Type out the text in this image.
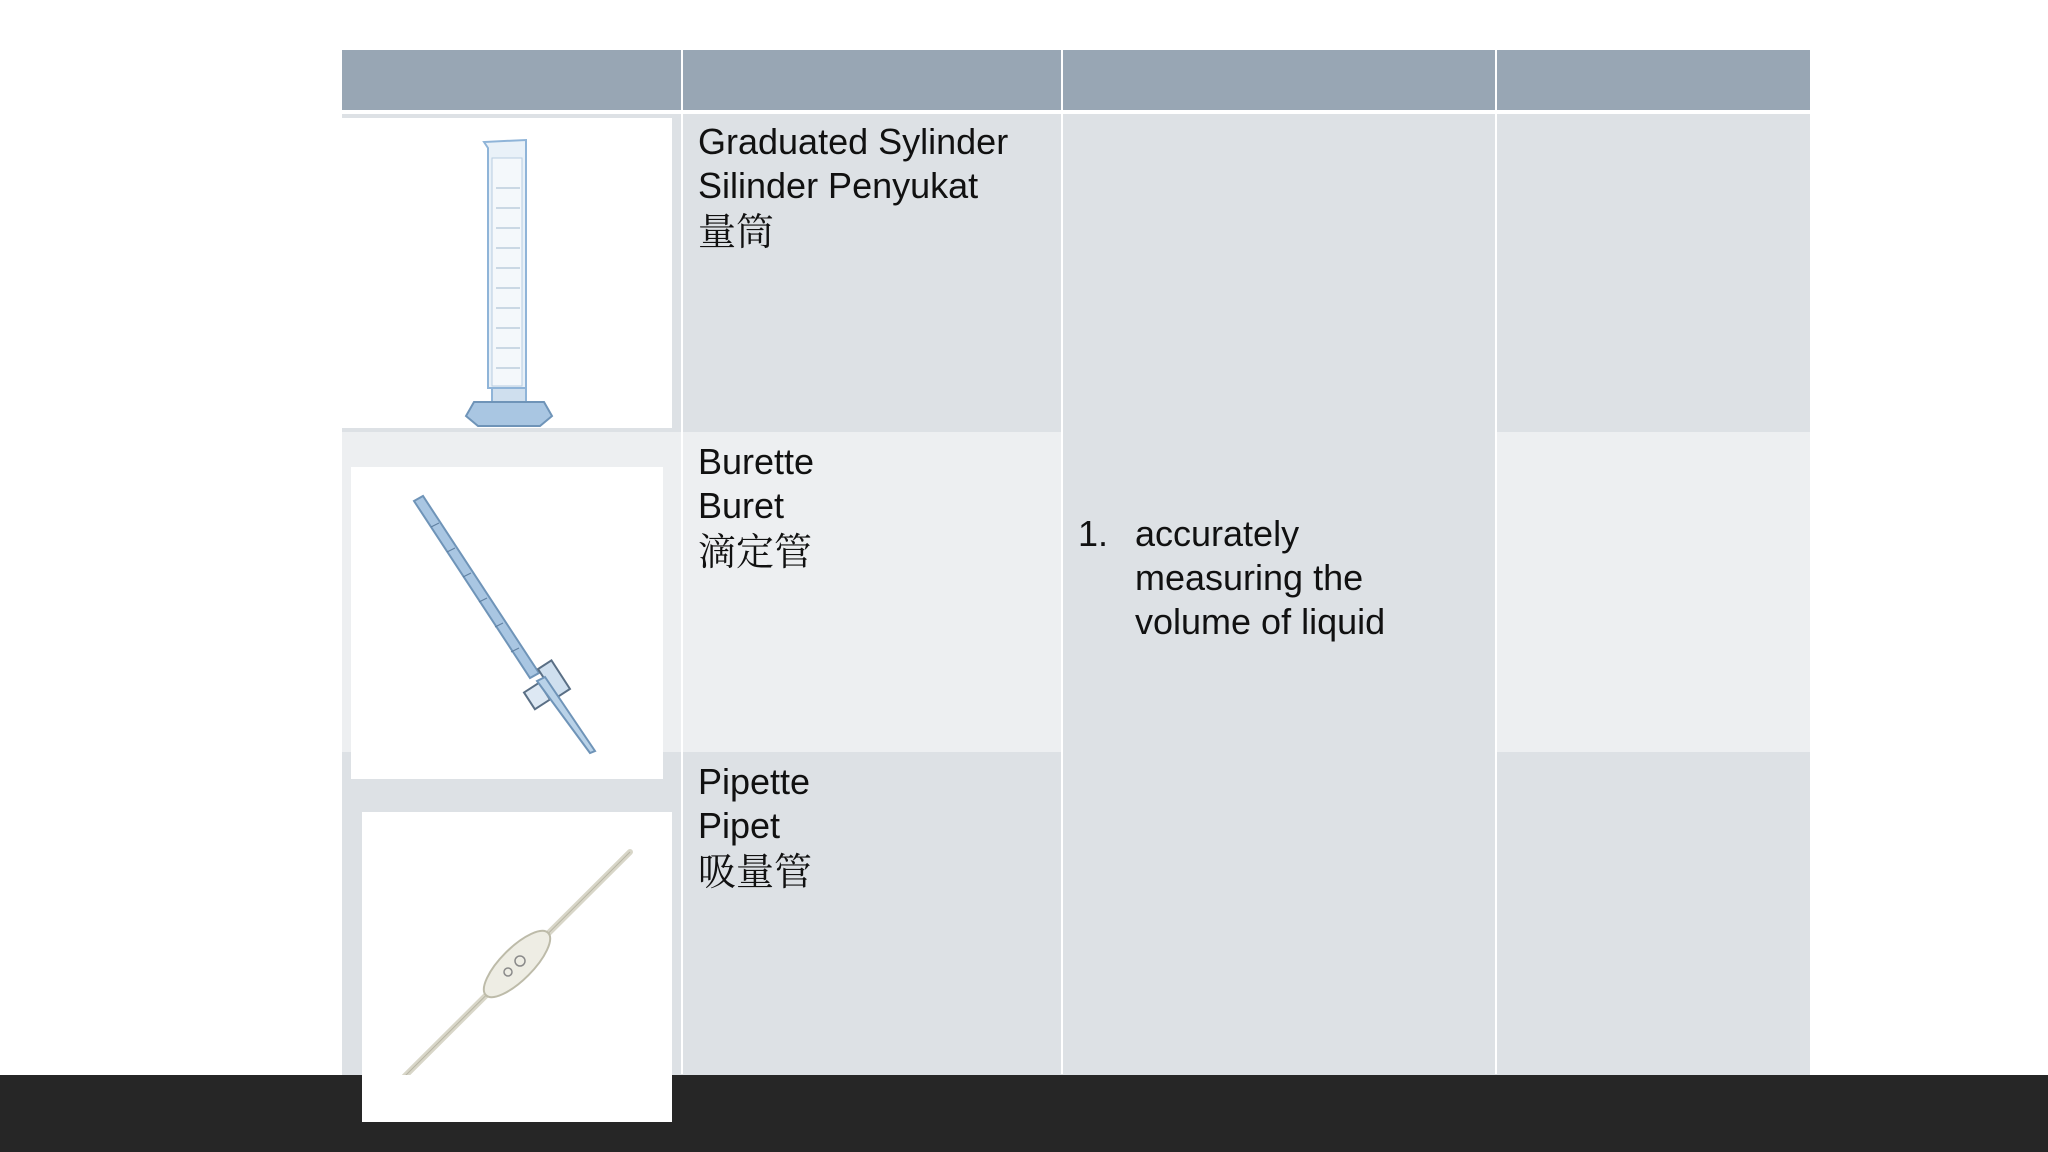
Graduated Sylinder
Silinder Penyukat
量筒
Burette
Buret
滴定管
Pipette
Pipet
吸量管
1. accurately measuring the volume of liquid
